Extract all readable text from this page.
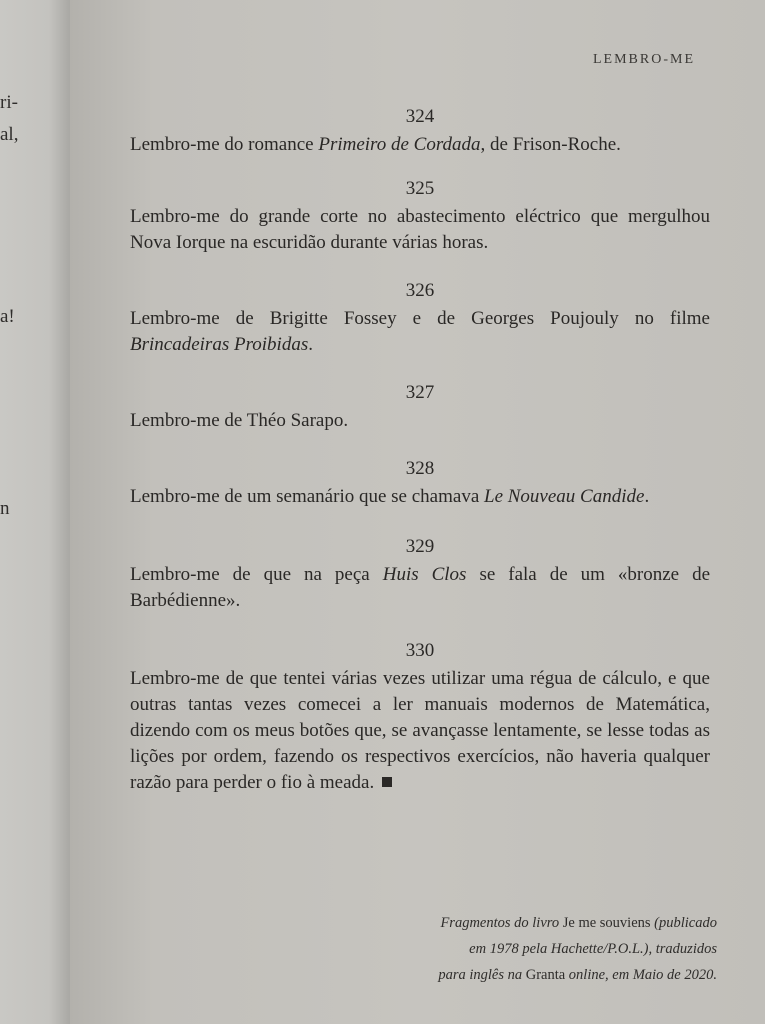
ri-
al,
a!
n
LEMBRO-ME
324
Lembro-me do romance Primeiro de Cordada, de Frison-Roche.
325
Lembro-me do grande corte no abastecimento eléctrico que mergulhou Nova Iorque na escuridão durante várias horas.
326
Lembro-me de Brigitte Fossey e de Georges Poujouly no filme Brincadeiras Proibidas.
327
Lembro-me de Théo Sarapo.
328
Lembro-me de um semanário que se chamava Le Nouveau Candide.
329
Lembro-me de que na peça Huis Clos se fala de um «bronze de Barbédienne».
330
Lembro-me de que tentei várias vezes utilizar uma régua de cálculo, e que outras tantas vezes comecei a ler manuais modernos de Matemática, dizendo com os meus botões que, se avançasse lentamente, se lesse todas as lições por ordem, fazendo os respectivos exercícios, não haveria qualquer razão para perder o fio à meada.
Fragmentos do livro Je me souviens (publicado
em 1978 pela Hachette/P.O.L.), traduzidos
para inglês na Granta online, em Maio de 2020.
